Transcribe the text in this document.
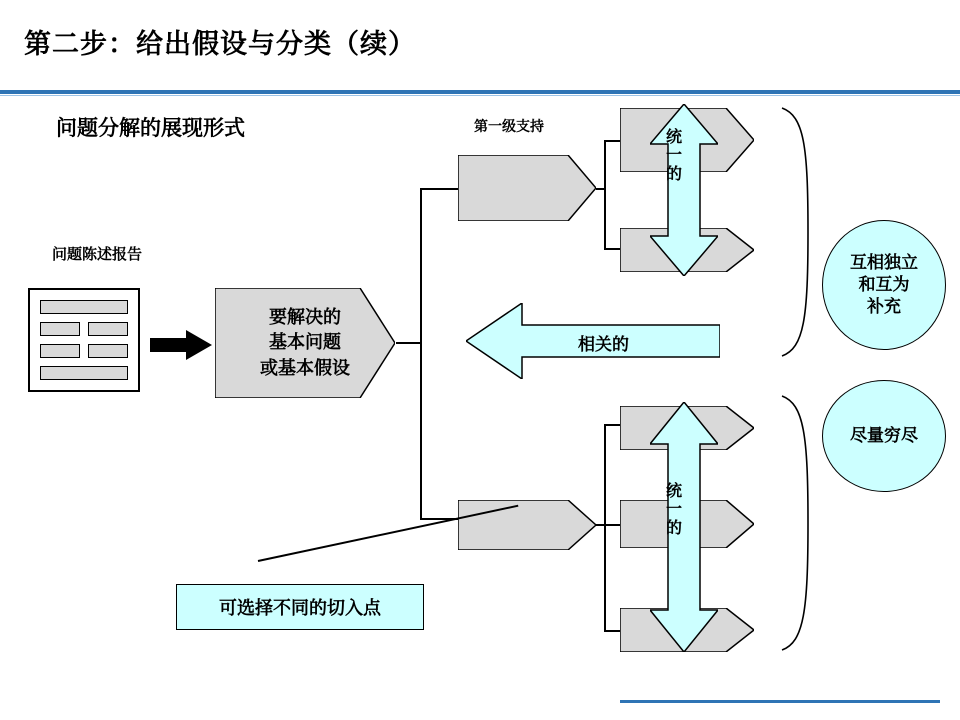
第二步：给出假设与分类（续）
问题分解的展现形式	第一级支持
问题陈述报告
要解决的
基本问题
或基本假设
统
一
的
统
一
的
相关的
互相独立
和互为
补充
尽量穷尽
可选择不同的切入点
